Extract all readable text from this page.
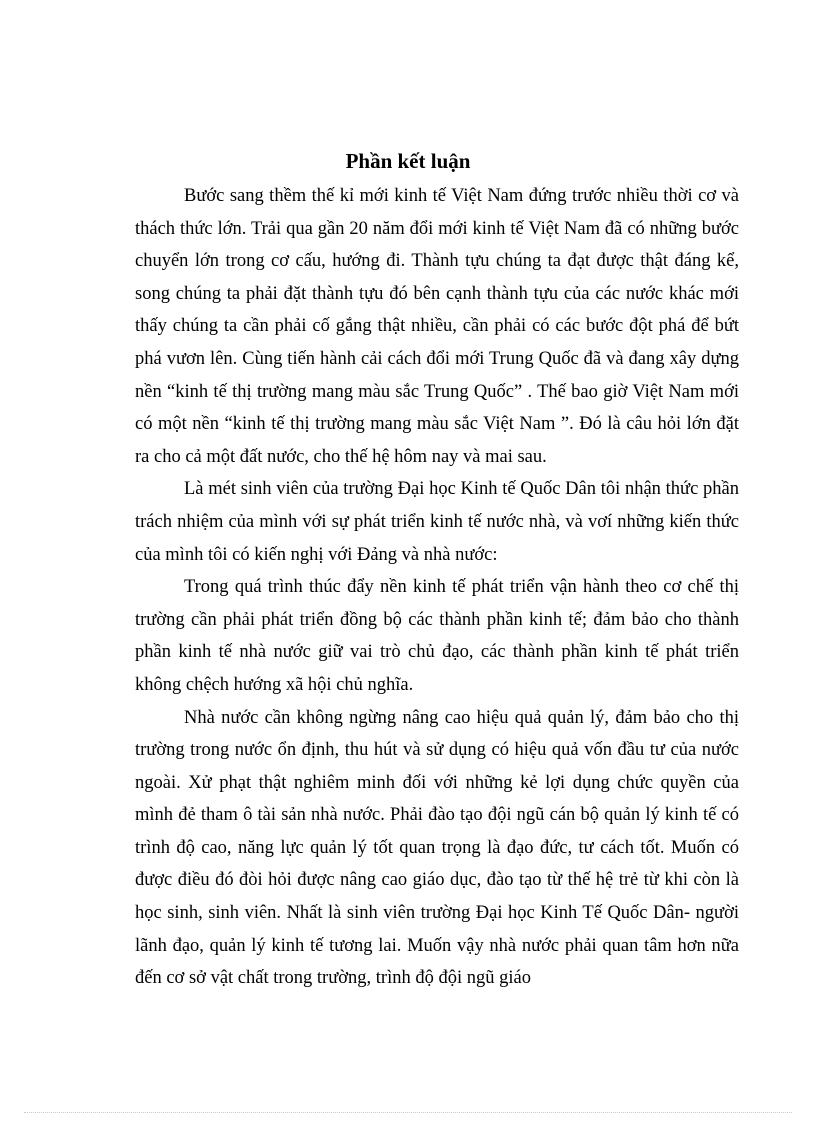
Phần kết luận

Bước sang thềm thế kỉ mới kinh tế Việt Nam đứng trước nhiều thời cơ và thách thức lớn. Trải qua gần 20 năm đổi mới kinh tế Việt Nam đã có những bước chuyển lớn trong cơ cấu, hướng đi. Thành tựu chúng ta đạt được thật đáng kể, song chúng ta phải đặt thành tựu đó bên cạnh thành tựu của các nước khác mới thấy chúng ta cần phải cố gắng thật nhiều, cần phải có các bước đột phá để bứt phá vươn lên. Cùng tiến hành cải cách đổi mới Trung Quốc đã và đang xây dựng nền “kinh tế thị trường mang màu sắc Trung Quốc” . Thế bao giờ Việt Nam mới có một nền “kinh tế thị trường mang màu sắc Việt Nam ”. Đó là câu hỏi lớn đặt ra cho cả một đất nước, cho thế hệ hôm nay và mai sau.

Là mét sinh viên của trường Đại học Kinh tế Quốc Dân tôi nhận thức phần trách nhiệm của mình với sự phát triển kinh tế nước nhà, và vơí những kiến thức của mình tôi có kiến nghị với Đảng và nhà nước:

Trong quá trình thúc đẩy nền kinh tế phát triển vận hành theo cơ chế thị trường cần phải phát triển đồng bộ các thành phần kinh tế; đảm bảo cho thành phần kinh tế nhà nước giữ vai trò chủ đạo, các thành phần kinh tế phát triển không chệch hướng xã hội chủ nghĩa.

Nhà nước cần không ngừng nâng cao hiệu quả quản lý, đảm bảo cho thị trường trong nước ổn định, thu hút và sử dụng có hiệu quả vốn đầu tư của nước ngoài. Xử phạt thật nghiêm minh đối với những kẻ lợi dụng chức quyền của mình đẻ tham ô tài sản nhà nước. Phải đào tạo đội ngũ cán bộ quản lý kinh tế có trình độ cao, năng lực quản lý tốt quan trọng là đạo đức, tư cách tốt. Muốn có được điều đó đòi hỏi được nâng cao giáo dục, đào tạo từ thế hệ trẻ từ khi còn là học sinh, sinh viên. Nhất là sinh viên trường Đại học Kinh Tế Quốc Dân- người lãnh đạo, quản lý kinh tế tương lai. Muốn vậy nhà nước phải quan tâm hơn nữa đến cơ sở vật chất trong trường, trình độ đội ngũ giáo
